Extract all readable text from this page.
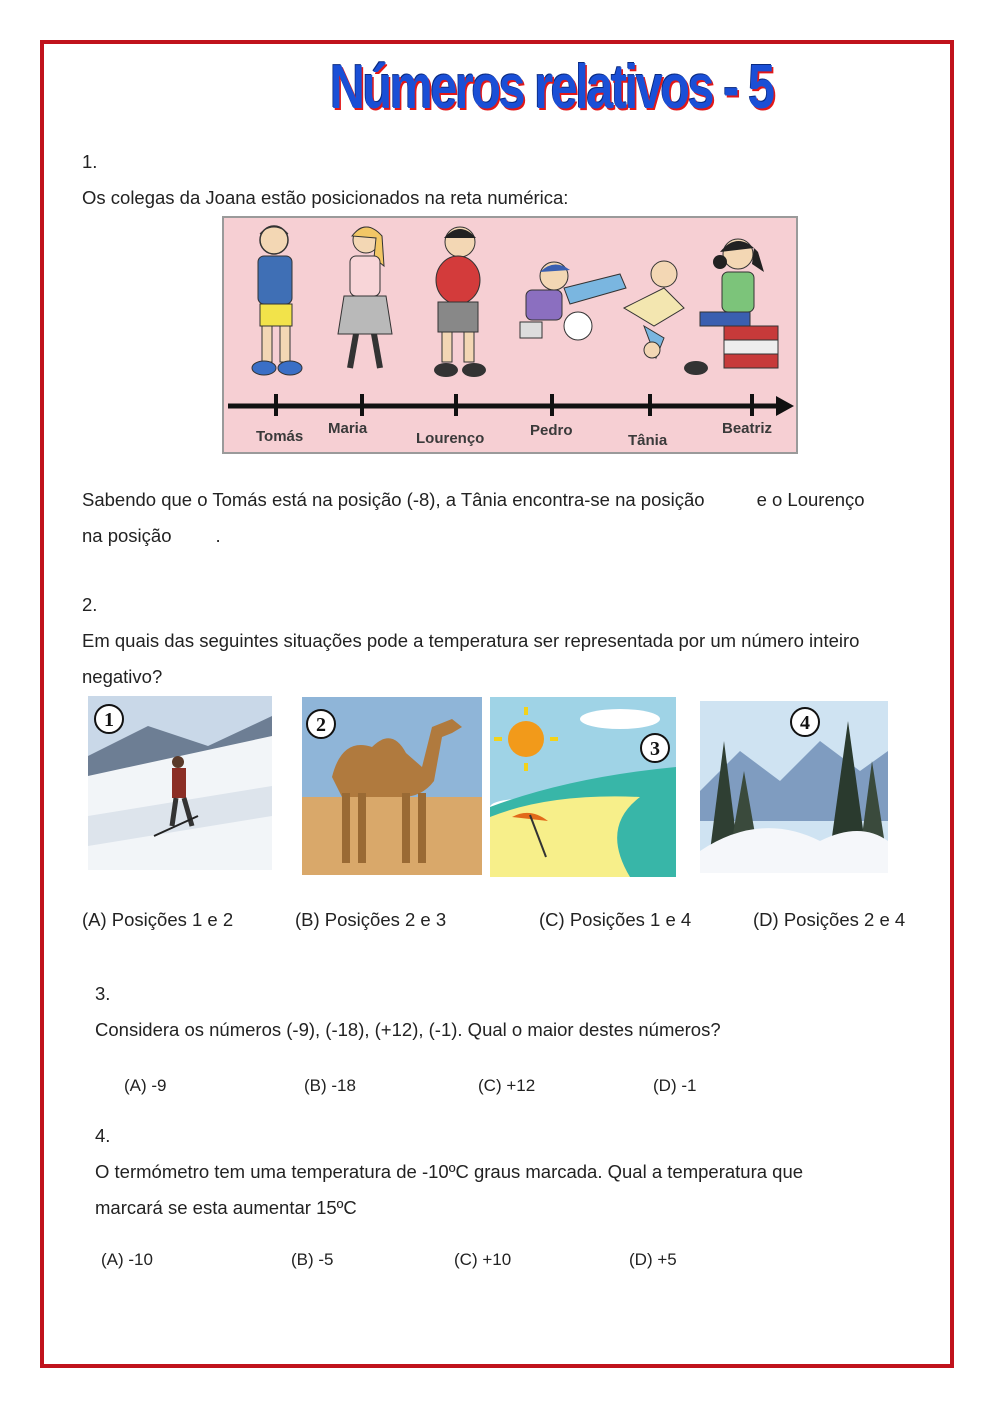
Números relativos - 5
1.
Os colegas da Joana estão posicionados na reta numérica:
Tomás Maria
Lourenço	Pedro
Tânia
Beatriz
Sabendo que o Tomás está na posição (-8), a Tânia encontra-se na posição	e o Lourenço
na posição .
2.
Em quais das seguintes situações pode a temperatura ser representada por um número inteiro
negativo?
1	2
3
4
(A) Posições 1 e 2	(B) Posições 2 e 3	(C) Posições 1 e 4	(D) Posições 2 e 4
3.
Considera os números (-9), (-18), (+12), (-1). Qual o maior destes números?
(A) -9	(B) -18	(C) +12	(D) -1
4.
O termómetro tem uma temperatura de -10ºC graus marcada. Qual a temperatura que
marcará se esta aumentar 15ºC
(A) -10	(B) -5	(C) +10	(D) +5
